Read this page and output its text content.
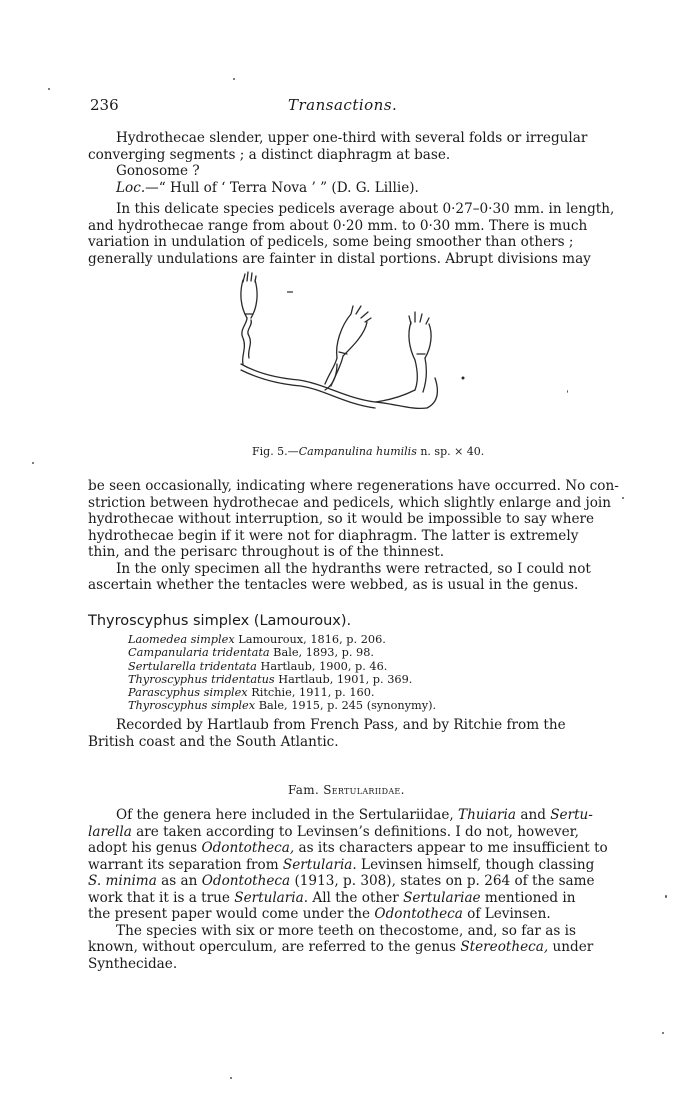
236	Transactions.
Hydrothecae slender, upper one-third with several folds or irregular
converging segments ; a distinct diaphragm at base.
Gonosome ?
Loc.—“ Hull of ‘ Terra Nova ’ ” (D. G. Lillie).
In this delicate species pedicels average about 0·27–0·30 mm. in length,
and hydrothecae range from about 0·20 mm. to 0·30 mm. There is much
variation in undulation of pedicels, some being smoother than others ;
generally undulations are fainter in distal portions. Abrupt divisions may
Fig. 5.—Campanulina humilis n. sp. × 40.
be seen occasionally, indicating where regenerations have occurred. No con-
striction between hydrothecae and pedicels, which slightly enlarge and join
hydrothecae without interruption, so it would be impossible to say where
hydrothecae begin if it were not for diaphragm. The latter is extremely
thin, and the perisarc throughout is of the thinnest.
In the only specimen all the hydranths were retracted, so I could not
ascertain whether the tentacles were webbed, as is usual in the genus.
Thyroscyphus simplex (Lamouroux).
Laomedea simplex Lamouroux, 1816, p. 206.
Campanularia tridentata Bale, 1893, p. 98.
Sertularella tridentata Hartlaub, 1900, p. 46.
Thyroscyphus tridentatus Hartlaub, 1901, p. 369.
Parascyphus simplex Ritchie, 1911, p. 160.
Thyroscyphus simplex Bale, 1915, p. 245 (synonymy).
Recorded by Hartlaub from French Pass, and by Ritchie from the
British coast and the South Atlantic.
Fam. Sertulariidae.
Of the genera here included in the Sertulariidae, Thuiaria and Sertu-
larella are taken according to Levinsen’s definitions. I do not, however,
adopt his genus Odontotheca, as its characters appear to me insufficient to
warrant its separation from Sertularia. Levinsen himself, though classing
S. minima as an Odontotheca (1913, p. 308), states on p. 264 of the same
work that it is a true Sertularia. All the other Sertulariae mentioned in
the present paper would come under the Odontotheca of Levinsen.
The species with six or more teeth on thecostome, and, so far as is
known, without operculum, are referred to the genus Stereotheca, under
Synthecidae.
